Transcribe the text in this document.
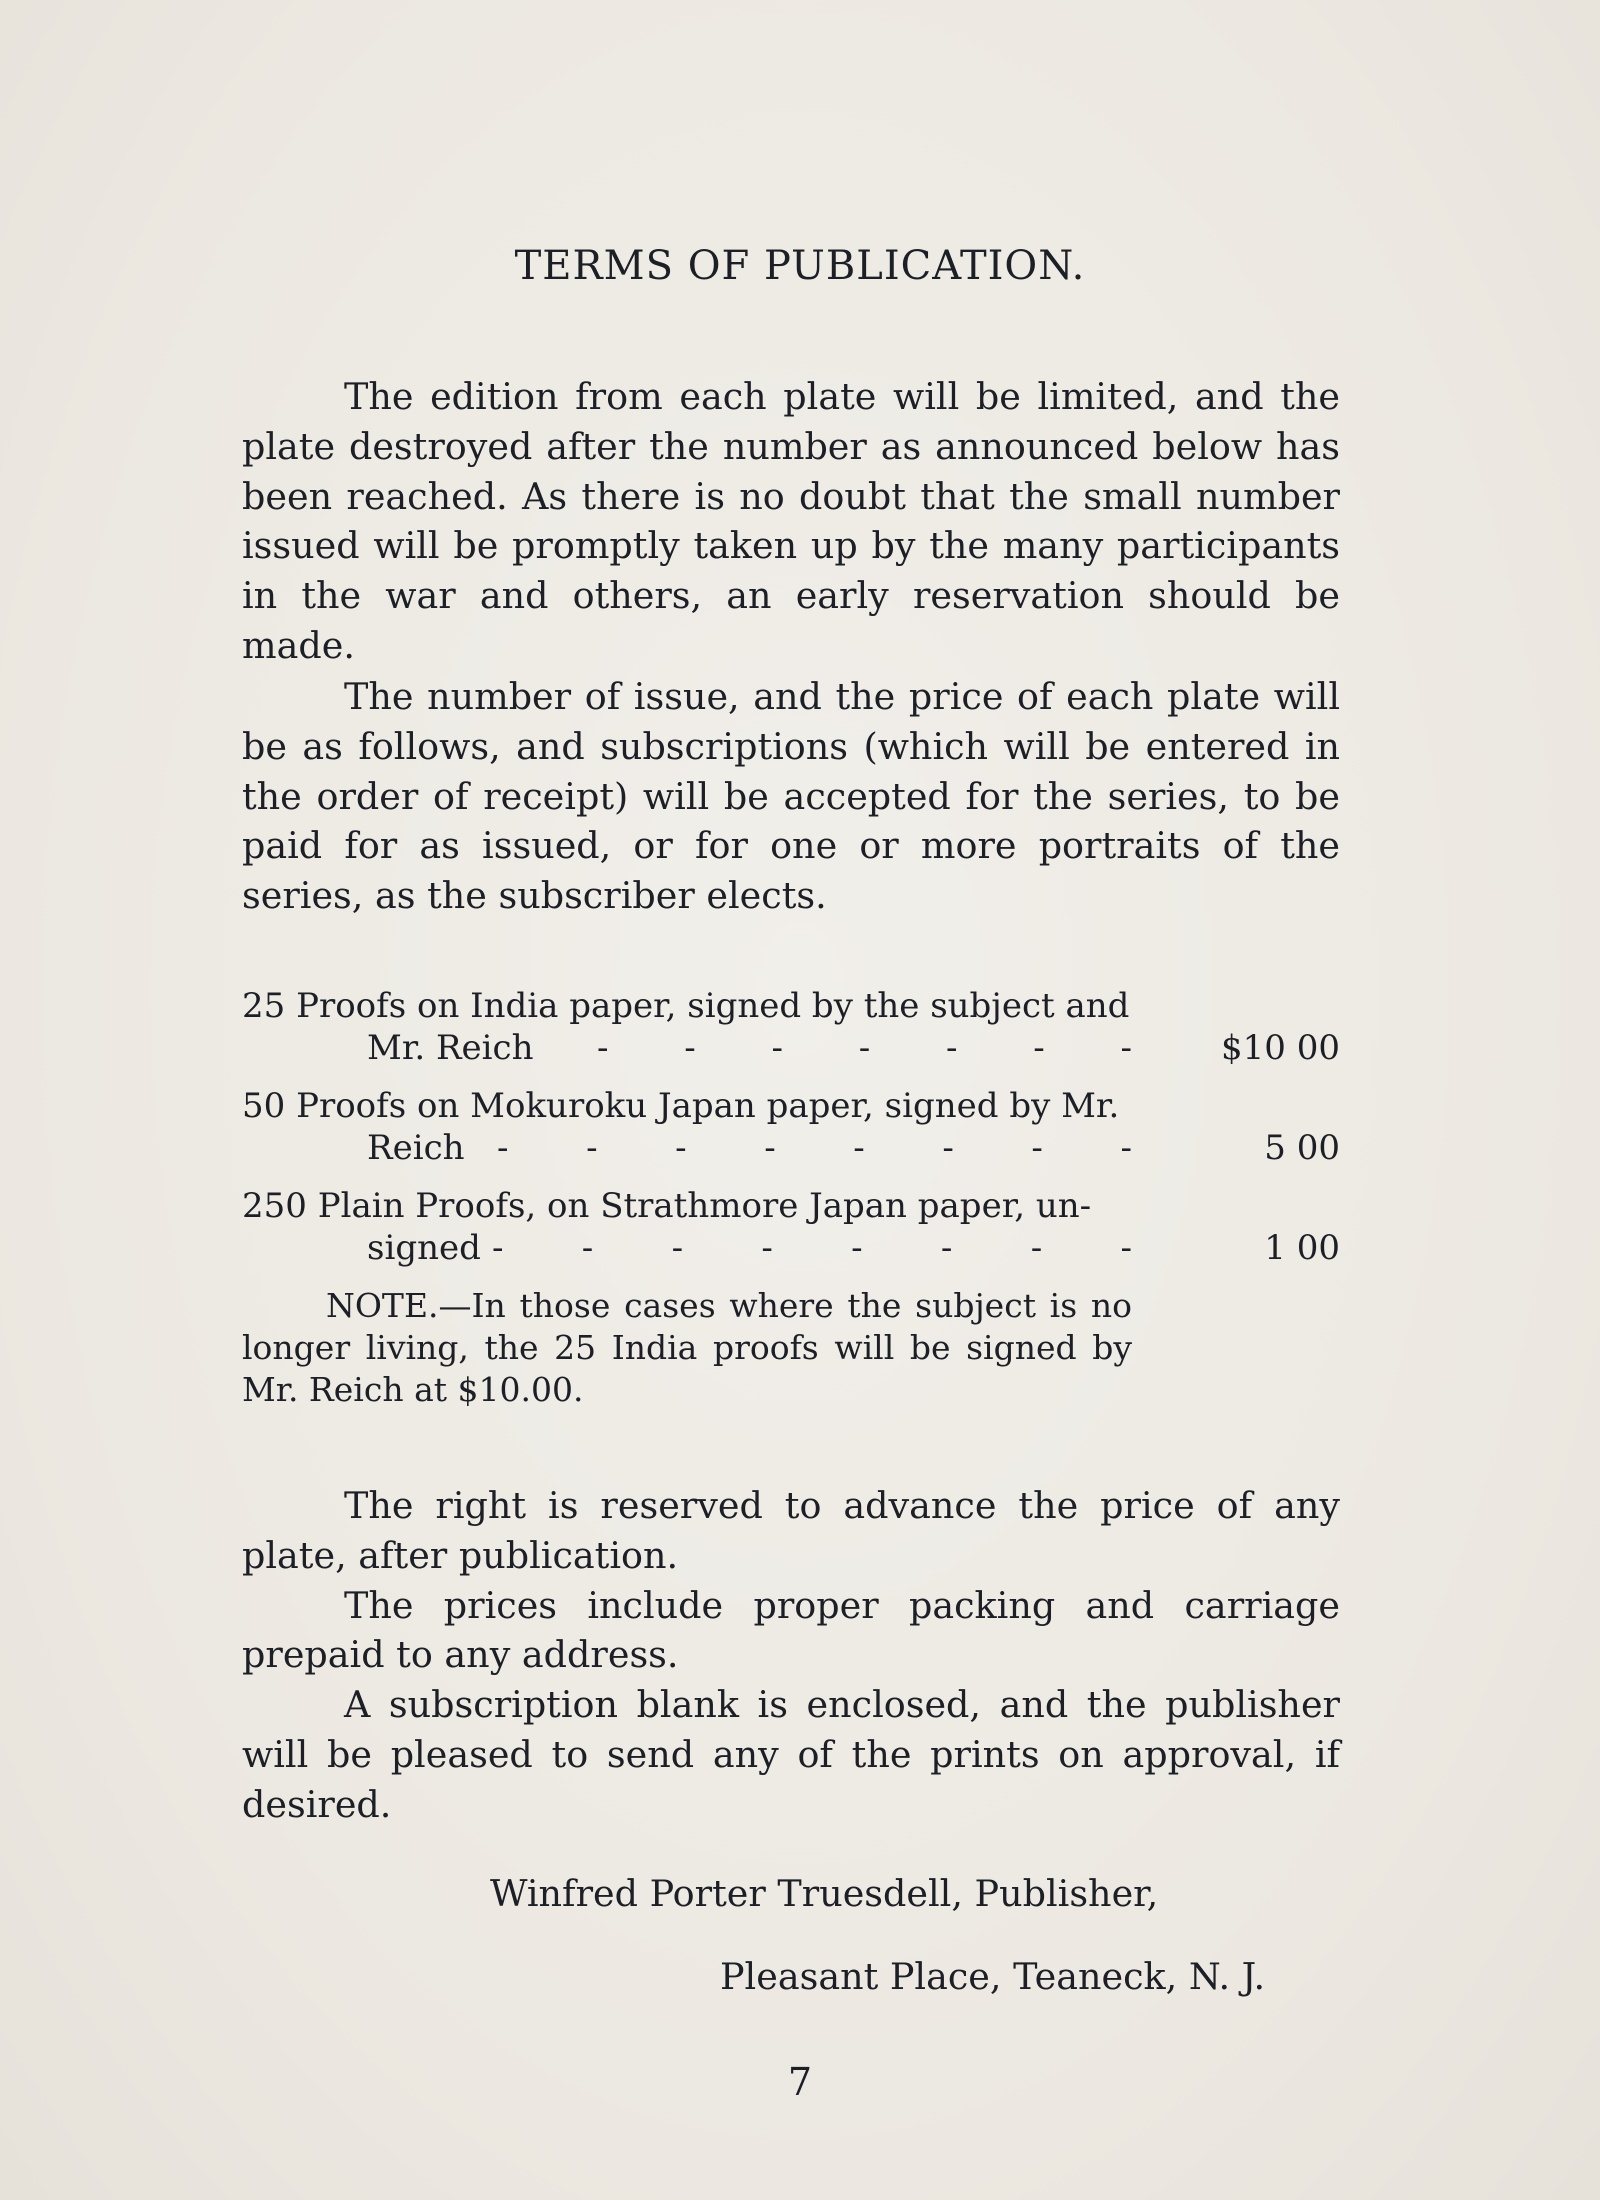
TERMS OF PUBLICATION.

The edition from each plate will be limited, and the plate destroyed after the number as announced below has been reached. As there is no doubt that the small number issued will be promptly taken up by the many participants in the war and others, an early reservation should be made.

The number of issue, and the price of each plate will be as follows, and subscriptions (which will be entered in the order of receipt) will be accepted for the series, to be paid for as issued, or for one or more portraits of the series, as the subscriber elects.

25 Proofs on India paper, signed by the subject and
Mr. Reich - - - - - - -	$10 00
50 Proofs on Mokuroku Japan paper, signed by Mr.
Reich - - - - - - - -	5 00
250 Plain Proofs, on Strathmore Japan paper, un-
signed - - - - - - - -	1 00
NOTE.—In those cases where the subject is no longer living, the 25 India proofs will be signed by Mr. Reich at $10.00.
The right is reserved to advance the price of any plate, after publication.
The prices include proper packing and carriage prepaid to any address.
A subscription blank is enclosed, and the publisher will be pleased to send any of the prints on approval, if desired.
Winfred Porter Truesdell, Publisher,
Pleasant Place, Teaneck, N. J.
7
